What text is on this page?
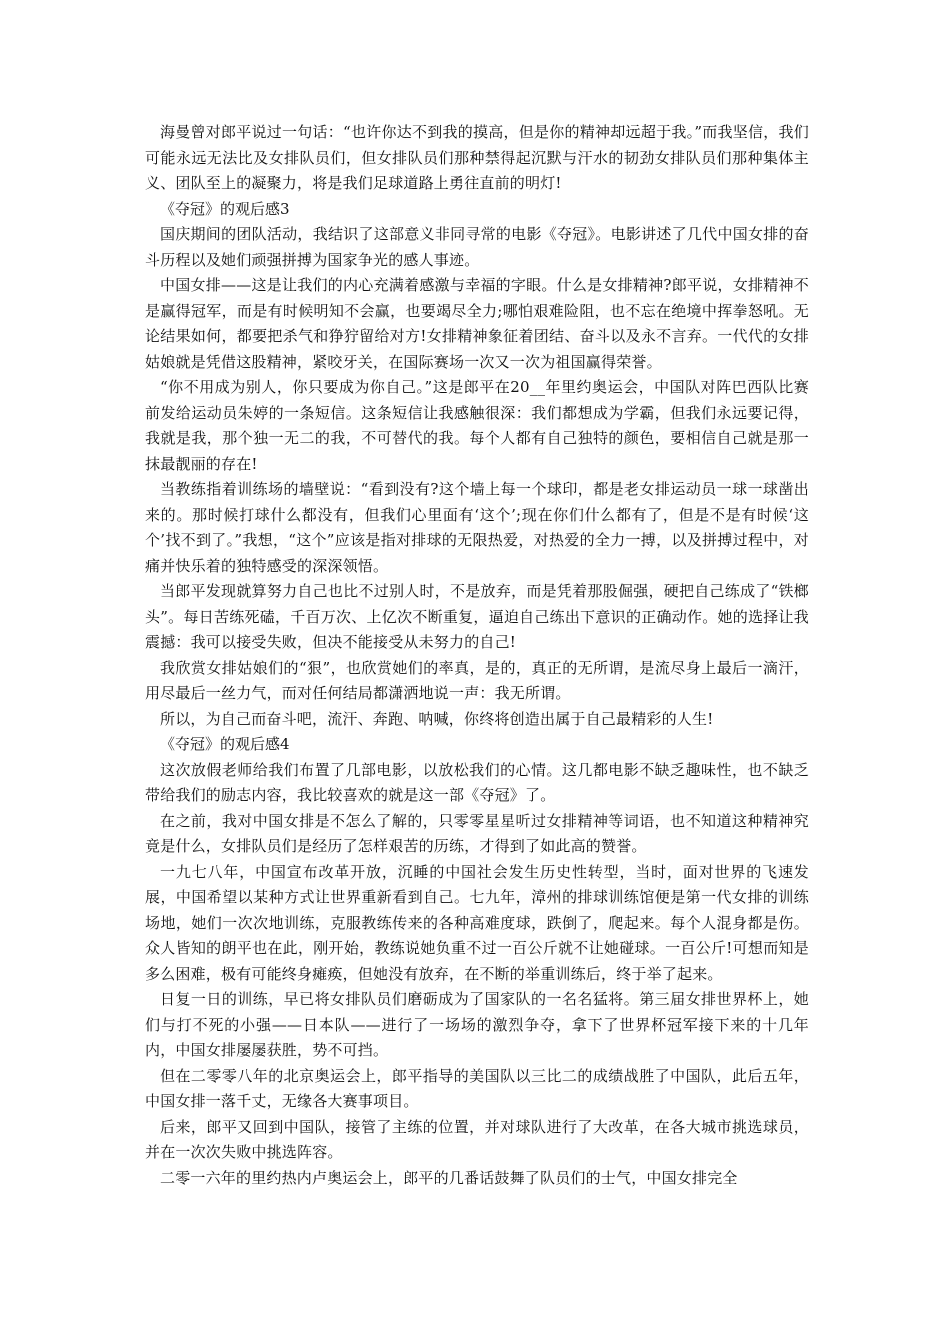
海曼曾对郎平说过一句话：“也许你达不到我的摸高，但是你的精神却远超于我。”而我坚信，我们可能永远无法比及女排队员们，但女排队员们那种禁得起沉默与汗水的韧劲女排队员们那种集体主义、团队至上的凝聚力，将是我们足球道路上勇往直前的明灯!

《夺冠》的观后感3

国庆期间的团队活动，我结识了这部意义非同寻常的电影《夺冠》。电影讲述了几代中国女排的奋斗历程以及她们顽强拼搏为国家争光的感人事迹。

中国女排——这是让我们的内心充满着感激与幸福的字眼。什么是女排精神?郎平说，女排精神不是赢得冠军，而是有时候明知不会赢，也要竭尽全力;哪怕艰难险阻，也不忘在绝境中挥拳怒吼。无论结果如何，都要把杀气和狰狞留给对方!女排精神象征着团结、奋斗以及永不言弃。一代代的女排姑娘就是凭借这股精神，紧咬牙关，在国际赛场一次又一次为祖国赢得荣誉。

“你不用成为别人，你只要成为你自己。”这是郎平在20__年里约奥运会，中国队对阵巴西队比赛前发给运动员朱婷的一条短信。这条短信让我感触很深：我们都想成为学霸，但我们永远要记得，我就是我，那个独一无二的我，不可替代的我。每个人都有自己独特的颜色，要相信自己就是那一抹最靓丽的存在!

当教练指着训练场的墙壁说：“看到没有?这个墙上每一个球印，都是老女排运动员一球一球凿出来的。那时候打球什么都没有，但我们心里面有‘这个’;现在你们什么都有了，但是不是有时候‘这个’找不到了。”我想，“这个”应该是指对排球的无限热爱，对热爱的全力一搏，以及拼搏过程中，对痛并快乐着的独特感受的深深领悟。

当郎平发现就算努力自己也比不过别人时，不是放弃，而是凭着那股倔强，硬把自己练成了“铁榔头”。每日苦练死磕，千百万次、上亿次不断重复，逼迫自己练出下意识的正确动作。她的选择让我震撼：我可以接受失败，但决不能接受从未努力的自己!

我欣赏女排姑娘们的“狠”，也欣赏她们的率真，是的，真正的无所谓，是流尽身上最后一滴汗，用尽最后一丝力气，而对任何结局都潇洒地说一声：我无所谓。

所以，为自己而奋斗吧，流汗、奔跑、呐喊，你终将创造出属于自己最精彩的人生!

《夺冠》的观后感4

这次放假老师给我们布置了几部电影，以放松我们的心情。这几都电影不缺乏趣味性，也不缺乏带给我们的励志内容，我比较喜欢的就是这一部《夺冠》了。

在之前，我对中国女排是不怎么了解的，只零零星星听过女排精神等词语，也不知道这种精神究竟是什么，女排队员们是经历了怎样艰苦的历练，才得到了如此高的赞誉。

一九七八年，中国宣布改革开放，沉睡的中国社会发生历史性转型，当时，面对世界的飞速发展，中国希望以某种方式让世界重新看到自己。七九年，漳州的排球训练馆便是第一代女排的训练场地，她们一次次地训练，克服教练传来的各种高难度球，跌倒了，爬起来。每个人混身都是伤。众人皆知的朗平也在此，刚开始，教练说她负重不过一百公斤就不让她碰球。一百公斤!可想而知是多么困难，极有可能终身瘫痪，但她没有放弃，在不断的举重训练后，终于举了起来。

日复一日的训练，早已将女排队员们磨砺成为了国家队的一名名猛将。第三届女排世界杯上，她们与打不死的小强——日本队——进行了一场场的激烈争夺，拿下了世界杯冠军接下来的十几年内，中国女排屡屡获胜，势不可挡。

但在二零零八年的北京奥运会上，郎平指导的美国队以三比二的成绩战胜了中国队，此后五年，中国女排一落千丈，无缘各大赛事项目。

后来，郎平又回到中国队，接管了主练的位置，并对球队进行了大改革，在各大城市挑选球员，并在一次次失败中挑选阵容。

二零一六年的里约热内卢奥运会上，郎平的几番话鼓舞了队员们的士气，中国女排完全
